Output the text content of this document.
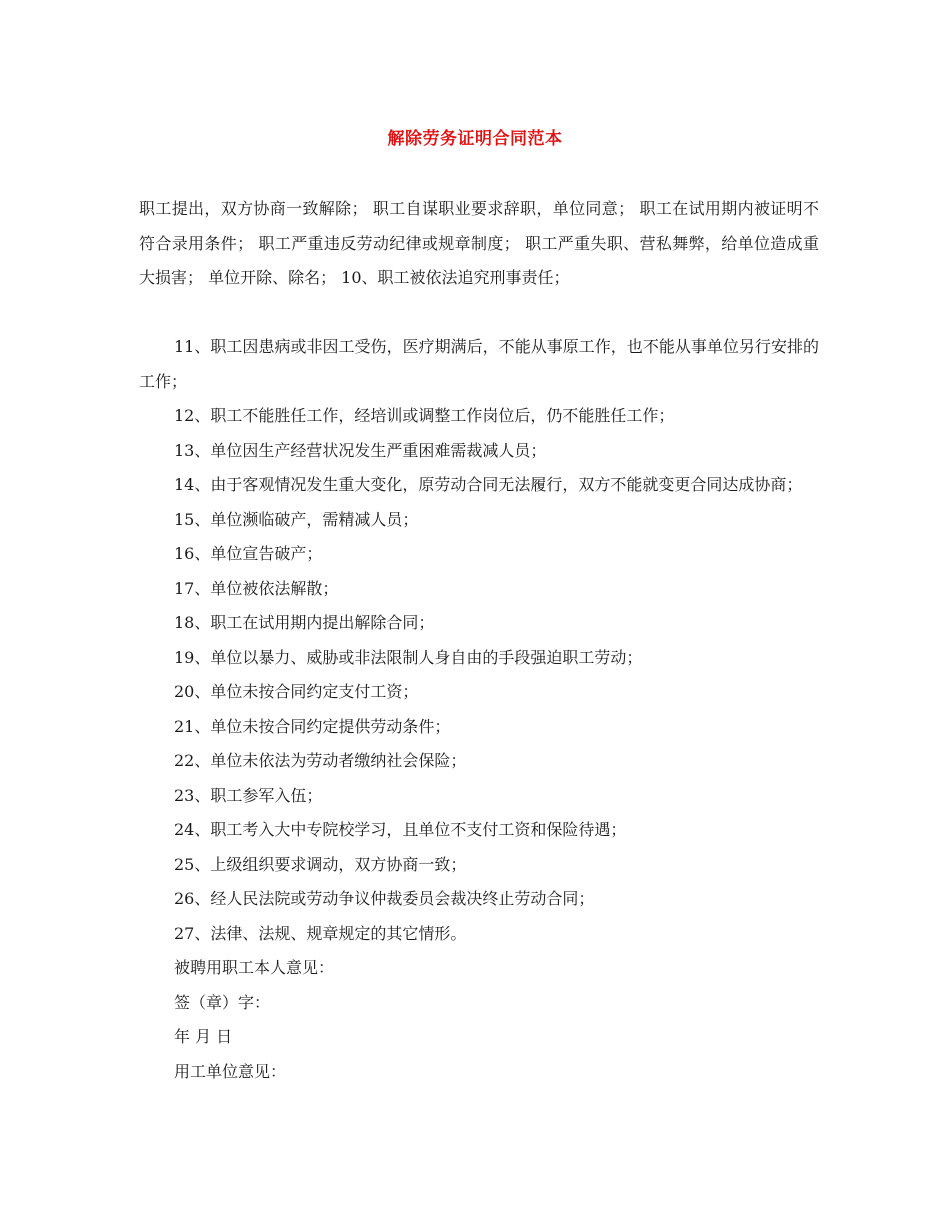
解除劳务证明合同范本

职工提出，双方协商一致解除； 职工自谋职业要求辞职，单位同意； 职工在试用期内被证明不符合录用条件； 职工严重违反劳动纪律或规章制度； 职工严重失职、营私舞弊，给单位造成重大损害； 单位开除、除名； 10、职工被依法追究刑事责任；

11、职工因患病或非因工受伤，医疗期满后，不能从事原工作，也不能从事单位另行安排的工作；

12、职工不能胜任工作，经培训或调整工作岗位后，仍不能胜任工作；

13、单位因生产经营状况发生严重困难需裁减人员；

14、由于客观情况发生重大变化，原劳动合同无法履行，双方不能就变更合同达成协商；

15、单位濒临破产，需精减人员；

16、单位宣告破产；

17、单位被依法解散；

18、职工在试用期内提出解除合同；

19、单位以暴力、威胁或非法限制人身自由的手段强迫职工劳动；

20、单位未按合同约定支付工资；

21、单位未按合同约定提供劳动条件；

22、单位未依法为劳动者缴纳社会保险；

23、职工参军入伍；

24、职工考入大中专院校学习，且单位不支付工资和保险待遇；

25、上级组织要求调动，双方协商一致；

26、经人民法院或劳动争议仲裁委员会裁决终止劳动合同；

27、法律、法规、规章规定的其它情形。

被聘用职工本人意见：

签（章）字：

年 月 日

用工单位意见：
